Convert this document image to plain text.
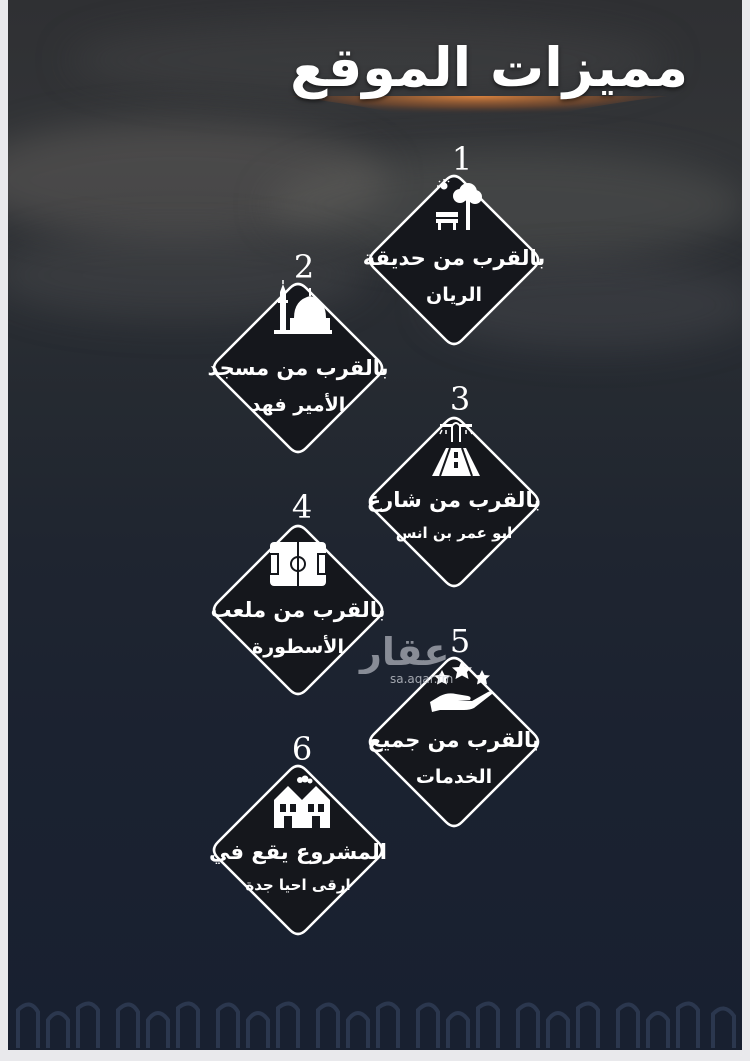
مميزات الموقع
1
بالقرب من حديقة
الريان
2
بالقرب من مسجد
الأمير فهد	3
بالقرب من شارع
ابو عمر بن انس
4
بالقرب من ملعب
الأسطورة	5
بالقرب من جميع
الخدمات
6
المشروع يقع في
ارقى احيا جدة
عقار
sa.aqar.fm
